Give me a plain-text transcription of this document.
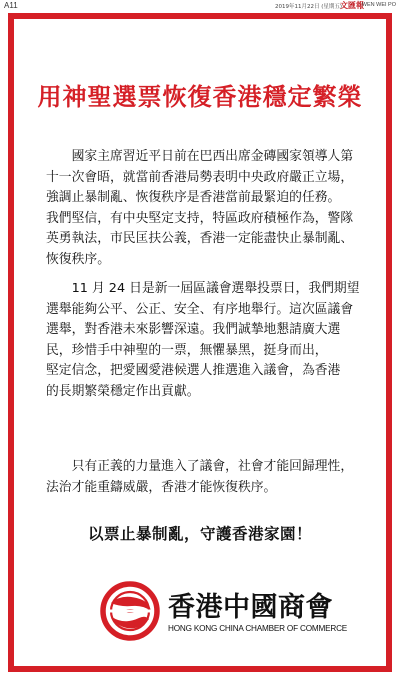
A11	2019年11月22日 (星期五)
文匯報
WEN WEI PO
用神聖選票恢復香港穩定繁榮
　　國家主席習近平日前在巴西出席金磚國家領導人第
十一次會晤，就當前香港局勢表明中央政府嚴正立場，
強調止暴制亂、恢復秩序是香港當前最緊迫的任務。
我們堅信，有中央堅定支持，特區政府積極作為，警隊
英勇執法，市民匡扶公義，香港一定能盡快止暴制亂、
恢復秩序。
　　11 月 24 日是新一屆區議會選舉投票日，我們期望
選舉能夠公平、公正、安全、有序地舉行。這次區議會
選舉，對香港未來影響深遠。我們誠摯地懇請廣大選
民，珍惜手中神聖的一票，無懼暴黑，挺身而出，
堅定信念，把愛國愛港候選人推選進入議會，為香港
的長期繁榮穩定作出貢獻。
　　只有正義的力量進入了議會，社會才能回歸理性，
法治才能重鑄威嚴，香港才能恢復秩序。
以票止暴制亂，守護香港家園！
香港中國商會
HONG KONG CHINA CHAMBER OF COMMERCE
